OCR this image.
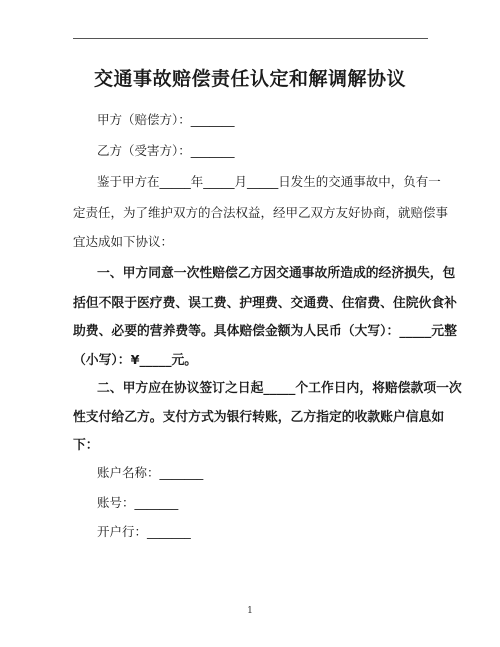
交通事故赔偿责任认定和解调解协议
甲方（赔偿方）：_______
乙方（受害方）：_______
鉴于甲方在_____年_____月_____日发生的交通事故中，负有一
定责任，为了维护双方的合法权益，经甲乙双方友好协商，就赔偿事
宜达成如下协议：
一、甲方同意一次性赔偿乙方因交通事故所造成的经济损失，包
括但不限于医疗费、误工费、护理费、交通费、住宿费、住院伙食补
助费、必要的营养费等。具体赔偿金额为人民币（大写）：_____元整
（小写）：¥_____元。
二、甲方应在协议签订之日起_____个工作日内，将赔偿款项一次
性支付给乙方。支付方式为银行转账，乙方指定的收款账户信息如
下：
账户名称：_______
账号：_______
开户行：_______
1
